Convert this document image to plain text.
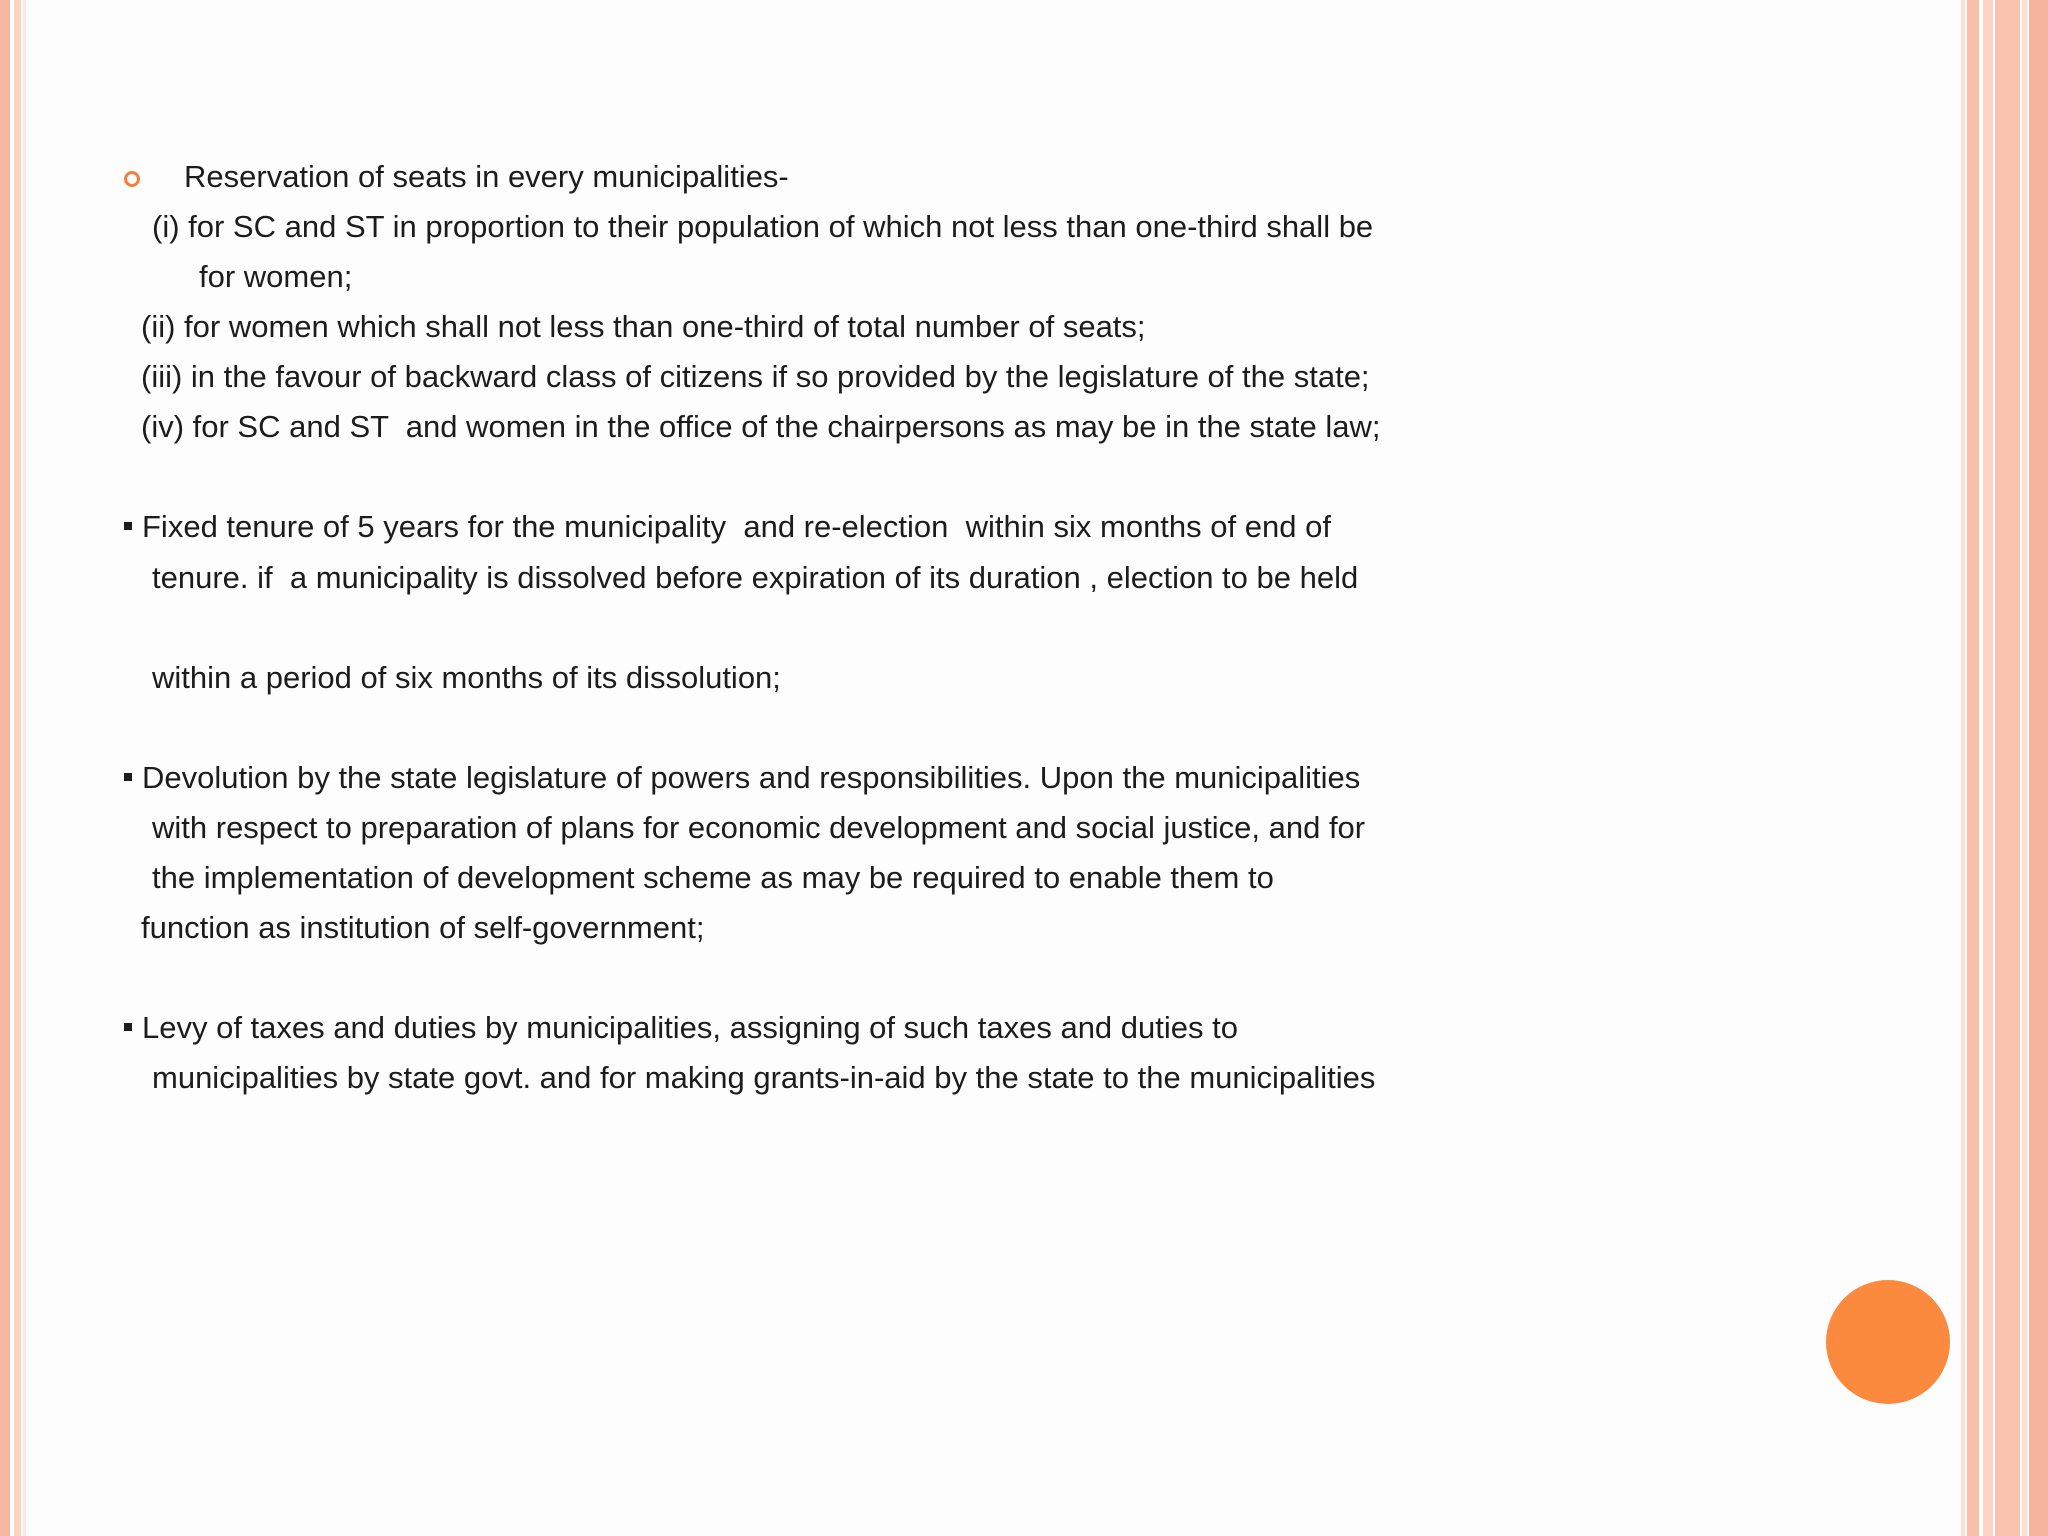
Reservation of seats in every municipalities-
(i) for SC and ST in proportion to their population of which not less than one-third shall be
for women;
(ii) for women which shall not less than one-third of total number of seats;
(iii) in the favour of backward class of citizens if so provided by the legislature of the state;
(iv) for SC and ST  and women in the office of the chairpersons as may be in the state law;
Fixed tenure of 5 years for the municipality  and re-election  within six months of end of
tenure. if  a municipality is dissolved before expiration of its duration , election to be held
within a period of six months of its dissolution;
Devolution by the state legislature of powers and responsibilities. Upon the municipalities
with respect to preparation of plans for economic development and social justice, and for
the implementation of development scheme as may be required to enable them to
function as institution of self-government;
Levy of taxes and duties by municipalities, assigning of such taxes and duties to
municipalities by state govt. and for making grants-in-aid by the state to the municipalities
